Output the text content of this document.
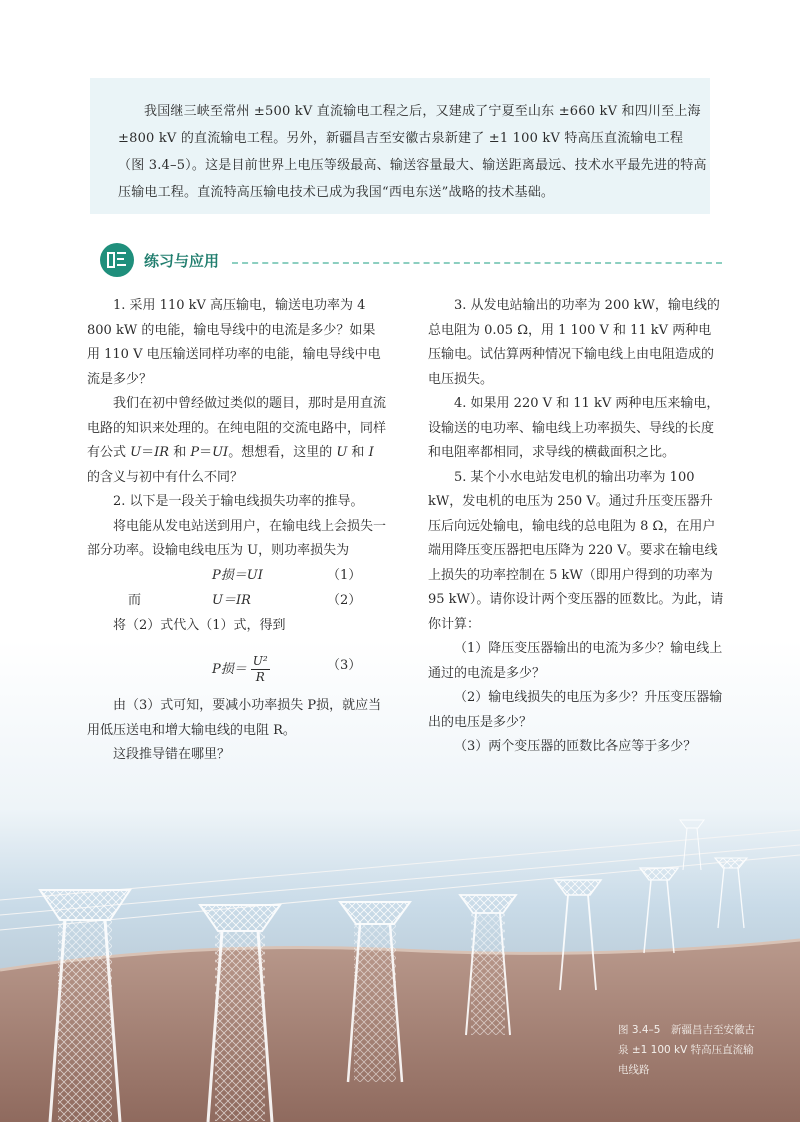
我国继三峡至常州 ±500 kV 直流输电工程之后，又建成了宁夏至山东 ±660 kV 和四川至上海 ±800 kV 的直流输电工程。另外，新疆昌吉至安徽古泉新建了 ±1 100 kV 特高压直流输电工程（图 3.4–5）。这是目前世界上电压等级最高、输送容量最大、输送距离最远、技术水平最先进的特高压输电工程。直流特高压输电技术已成为我国“西电东送”战略的技术基础。

练习与应用

1. 采用 110 kV 高压输电，输送电功率为 4 800 kW 的电能，输电导线中的电流是多少？如果用 110 V 电压输送同样功率的电能，输电导线中电流是多少？

我们在初中曾经做过类似的题目，那时是用直流电路的知识来处理的。在纯电阻的交流电路中，同样有公式 U＝IR 和 P＝UI。想想看，这里的 U 和 I 的含义与初中有什么不同？

2. 以下是一段关于输电线损失功率的推导。

将电能从发电站送到用户，在输电线上会损失一部分功率。设输电线电压为 U，则功率损失为

P损＝UI	（1）
而	U＝IR	（2）

将（2）式代入（1）式，得到

P损＝ $\frac{\text{U²}}{R}$	（3）

由（3）式可知，要减小功率损失 P损，就应当用低压送电和增大输电线的电阻 R。

这段推导错在哪里？

3. 从发电站输出的功率为 200 kW，输电线的总电阻为 0.05 Ω，用 1 100 V 和 11 kV 两种电压输电。试估算两种情况下输电线上由电阻造成的电压损失。

4. 如果用 220 V 和 11 kV 两种电压来输电，设输送的电功率、输电线上功率损失、导线的长度和电阻率都相同，求导线的横截面积之比。

5. 某个小水电站发电机的输出功率为 100 kW，发电机的电压为 250 V。通过升压变压器升压后向远处输电，输电线的总电阻为 8 Ω，在用户端用降压变压器把电压降为 220 V。要求在输电线上损失的功率控制在 5 kW（即用户得到的功率为 95 kW）。请你设计两个变压器的匝数比。为此，请你计算：

（1）降压变压器输出的电流为多少？输电线上通过的电流是多少？

（2）输电线损失的电压为多少？升压变压器输出的电压是多少？

（3）两个变压器的匝数比各应等于多少？

图 3.4–5　新疆昌吉至安徽古泉 ±1 100 kV 特高压直流输电线路
